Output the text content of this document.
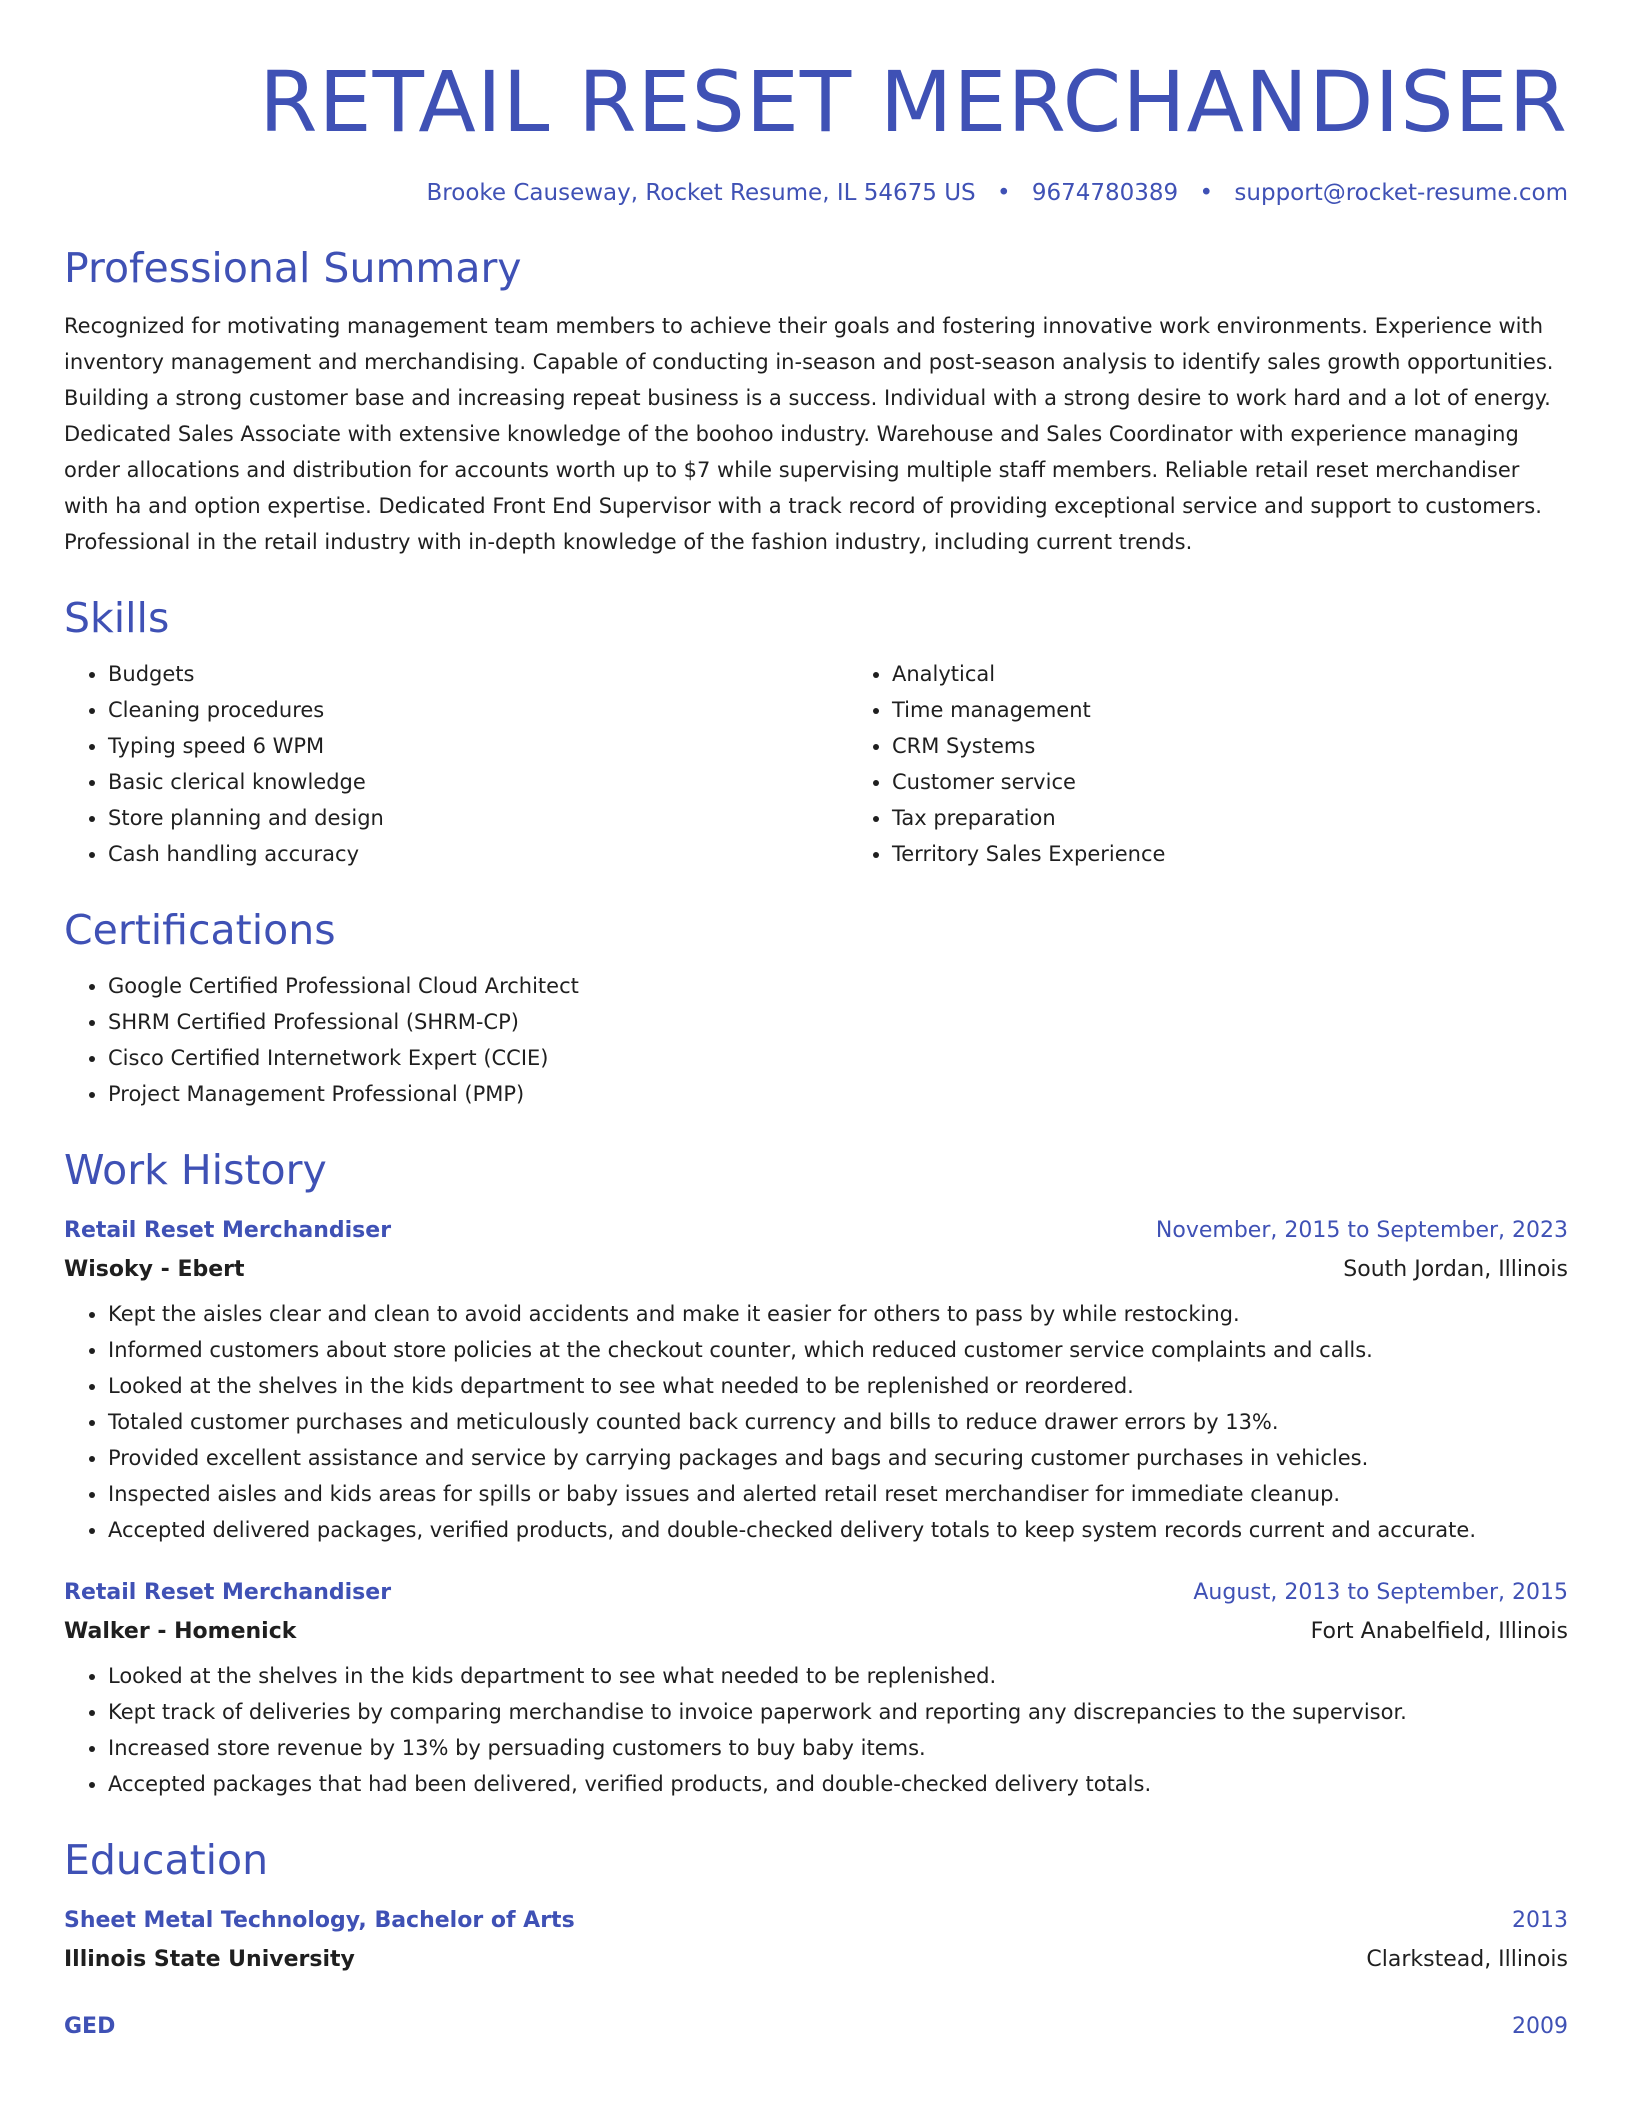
RETAIL RESET MERCHANDISER
Brooke Causeway, Rocket Resume, IL 54675 US • 9674780389 • support@rocket-resume.com
Professional Summary

Recognized for motivating management team members to achieve their goals and fostering innovative work environments. Experience with inventory management and merchandising. Capable of conducting in-season and post-season analysis to identify sales growth opportunities. Building a strong customer base and increasing repeat business is a success. Individual with a strong desire to work hard and a lot of energy. Dedicated Sales Associate with extensive knowledge of the boohoo industry. Warehouse and Sales Coordinator with experience managing order allocations and distribution for accounts worth up to $7 while supervising multiple staff members. Reliable retail reset merchandiser with ha and option expertise. Dedicated Front End Supervisor with a track record of providing exceptional service and support to customers. Professional in the retail industry with in-depth knowledge of the fashion industry, including current trends.

Skills
• Budgets
• Cleaning procedures
• Typing speed 6 WPM
• Basic clerical knowledge
• Store planning and design
• Cash handling accuracy
• Analytical
• Time management
• CRM Systems
• Customer service
• Tax preparation
• Territory Sales Experience
Certifications
• Google Certified Professional Cloud Architect
• SHRM Certified Professional (SHRM-CP)
• Cisco Certified Internetwork Expert (CCIE)
• Project Management Professional (PMP)
Work History
Retail Reset Merchandiser	November, 2015 to September, 2023
Wisoky - Ebert	South Jordan, Illinois
• Kept the aisles clear and clean to avoid accidents and make it easier for others to pass by while restocking.
• Informed customers about store policies at the checkout counter, which reduced customer service complaints and calls.
• Looked at the shelves in the kids department to see what needed to be replenished or reordered.
• Totaled customer purchases and meticulously counted back currency and bills to reduce drawer errors by 13%.
• Provided excellent assistance and service by carrying packages and bags and securing customer purchases in vehicles.
• Inspected aisles and kids areas for spills or baby issues and alerted retail reset merchandiser for immediate cleanup.
• Accepted delivered packages, verified products, and double-checked delivery totals to keep system records current and accurate.
Retail Reset Merchandiser	August, 2013 to September, 2015
Walker - Homenick	Fort Anabelfield, Illinois
• Looked at the shelves in the kids department to see what needed to be replenished.
• Kept track of deliveries by comparing merchandise to invoice paperwork and reporting any discrepancies to the supervisor.
• Increased store revenue by 13% by persuading customers to buy baby items.
• Accepted packages that had been delivered, verified products, and double-checked delivery totals.
Education
Sheet Metal Technology, Bachelor of Arts	2013
Illinois State University	Clarkstead, Illinois
GED	2009
